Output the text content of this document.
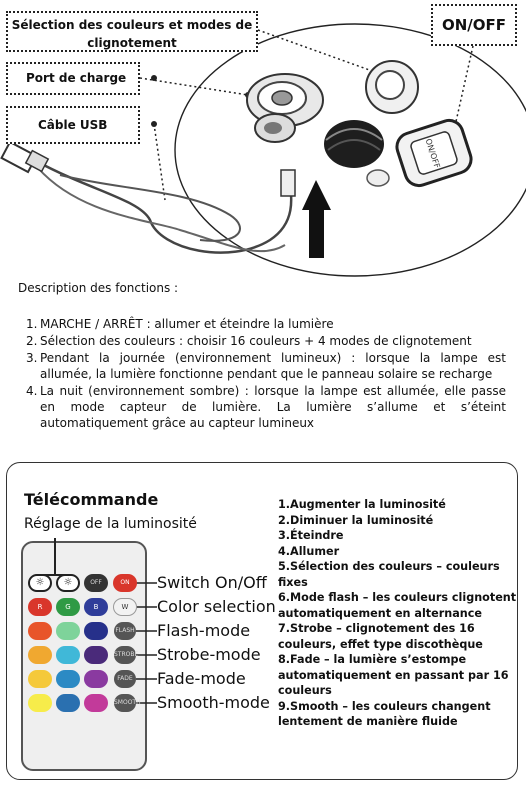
ON/OFF
Sélection des couleurs et modes de clignotement
Port de charge
Câble USB
ON/OFF
Description des fonctions :
1. MARCHE / ARRÊT : allumer et éteindre la lumière
2. Sélection des couleurs : choisir 16 couleurs + 4 modes de clignotement
3. Pendant la journée (environnement lumineux) : lorsque la lampe est allumée, la lumière fonctionne pendant que le panneau solaire se recharge
4. La nuit (environnement sombre) : lorsque la lampe est allumée, elle passe en mode capteur de lumière. La lumière s’allume et s’éteint automatiquement grâce au capteur lumineux
Télécommande
Réglage de la luminosité
☼	☼	OFF	ON
R	G	B	W
FLASH
STROBE
FADE
SMOOTH
Switch On/Off
Color selection
Flash-mode
Strobe-mode
Fade-mode
Smooth-mode
1.Augmenter la luminosité
2.Diminuer la luminosité
3.Éteindre
4.Allumer
5.Sélection des couleurs – couleurs fixes
6.Mode flash – les couleurs clignotent automatiquement en alternance
7.Strobe – clignotement des 16 couleurs, effet type discothèque
8.Fade – la lumière s’estompe automatiquement en passant par 16 couleurs
9.Smooth – les couleurs changent lentement de manière fluide
